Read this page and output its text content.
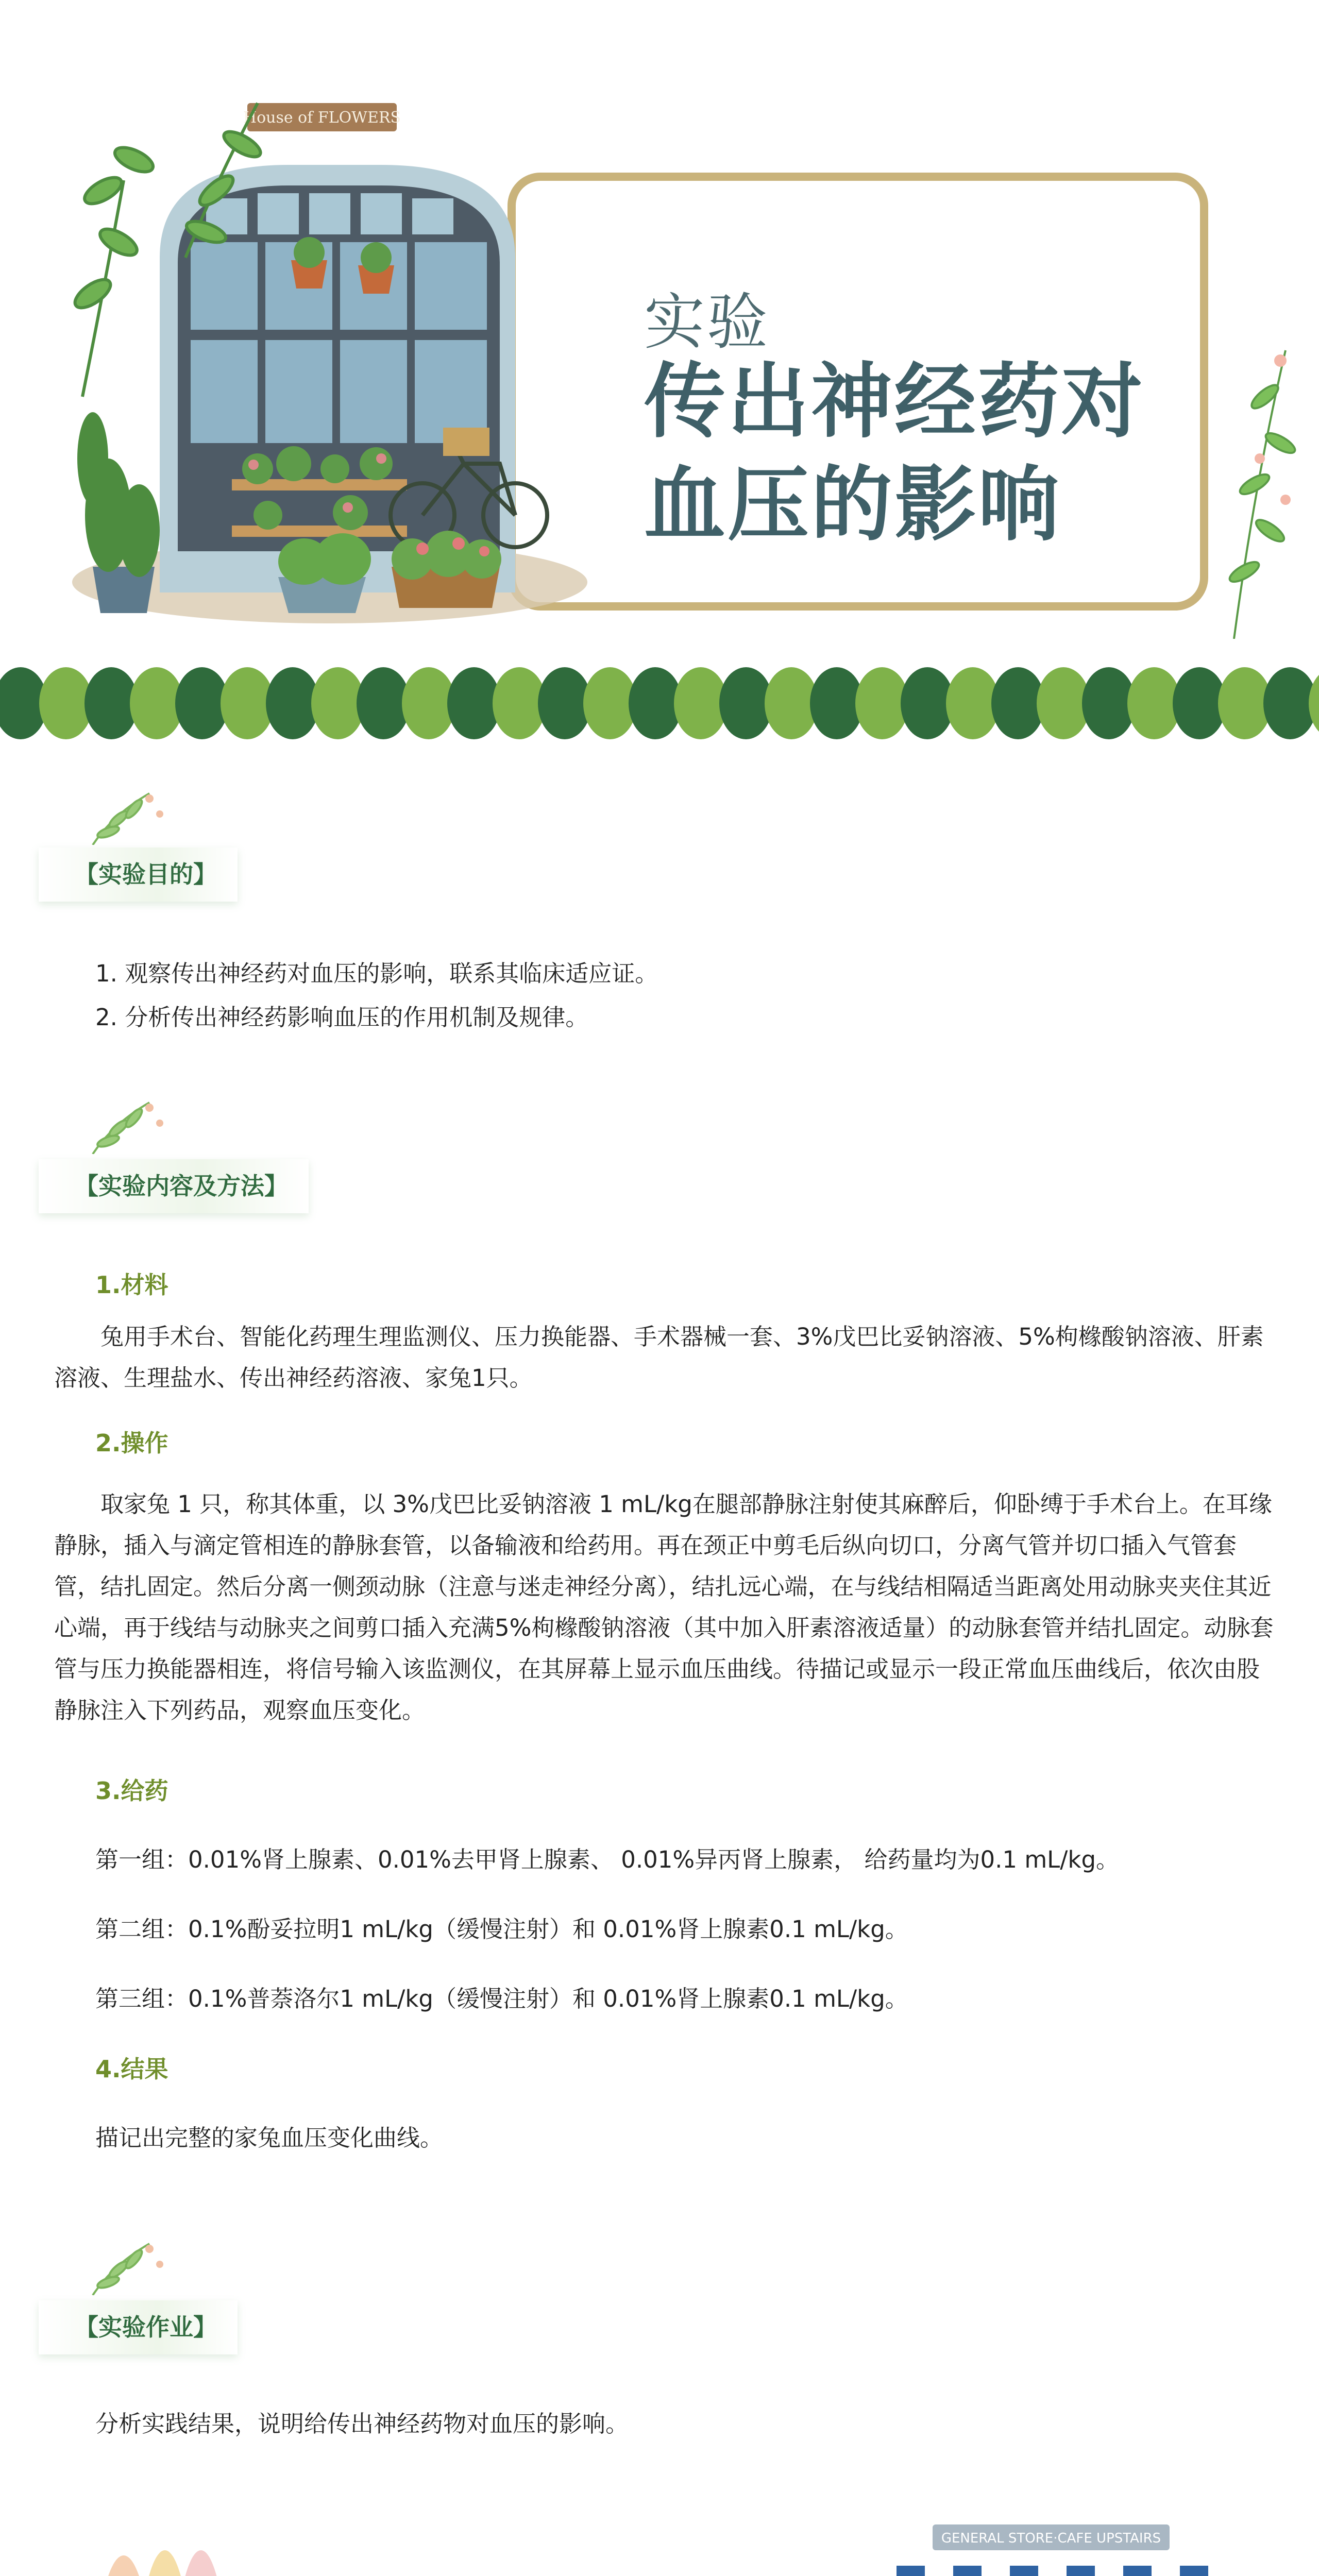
House of FLOWERS
实验
传出神经药对血压的影响
【实验目的】
1. 观察传出神经药对血压的影响，联系其临床适应证。
2. 分析传出神经药影响血压的作用机制及规律。
【实验内容及方法】
1.材料
兔用手术台、智能化药理生理监测仪、压力换能器、手术器械一套、3%戊巴比妥钠溶液、5%枸橼酸钠溶液、肝素溶液、生理盐水、传出神经药溶液、家兔1只。
2.操作
取家兔 1 只，称其体重，以 3%戊巴比妥钠溶液 1 mL/kg在腿部静脉注射使其麻醉后，仰卧缚于手术台上。在耳缘静脉，插入与滴定管相连的静脉套管，以备输液和给药用。再在颈正中剪毛后纵向切口，分离气管并切口插入气管套管，结扎固定。然后分离一侧颈动脉（注意与迷走神经分离），结扎远心端，在与线结相隔适当距离处用动脉夹夹住其近心端，再于线结与动脉夹之间剪口插入充满5%枸橼酸钠溶液（其中加入肝素溶液适量）的动脉套管并结扎固定。动脉套管与压力换能器相连，将信号输入该监测仪，在其屏幕上显示血压曲线。待描记或显示一段正常血压曲线后，依次由股静脉注入下列药品，观察血压变化。
3.给药
第一组：0.01%肾上腺素、0.01%去甲肾上腺素、 0.01%异丙肾上腺素， 给药量均为0.1 mL/kg。
第二组：0.1%酚妥拉明1 mL/kg（缓慢注射）和 0.01%肾上腺素0.1 mL/kg。
第三组：0.1%普萘洛尔1 mL/kg（缓慢注射）和 0.01%肾上腺素0.1 mL/kg。
4.结果
描记出完整的家兔血压变化曲线。
【实验作业】
分析实践结果，说明给传出神经药物对血压的影响。
GENERAL STORE·CAFE UPSTAIRS
